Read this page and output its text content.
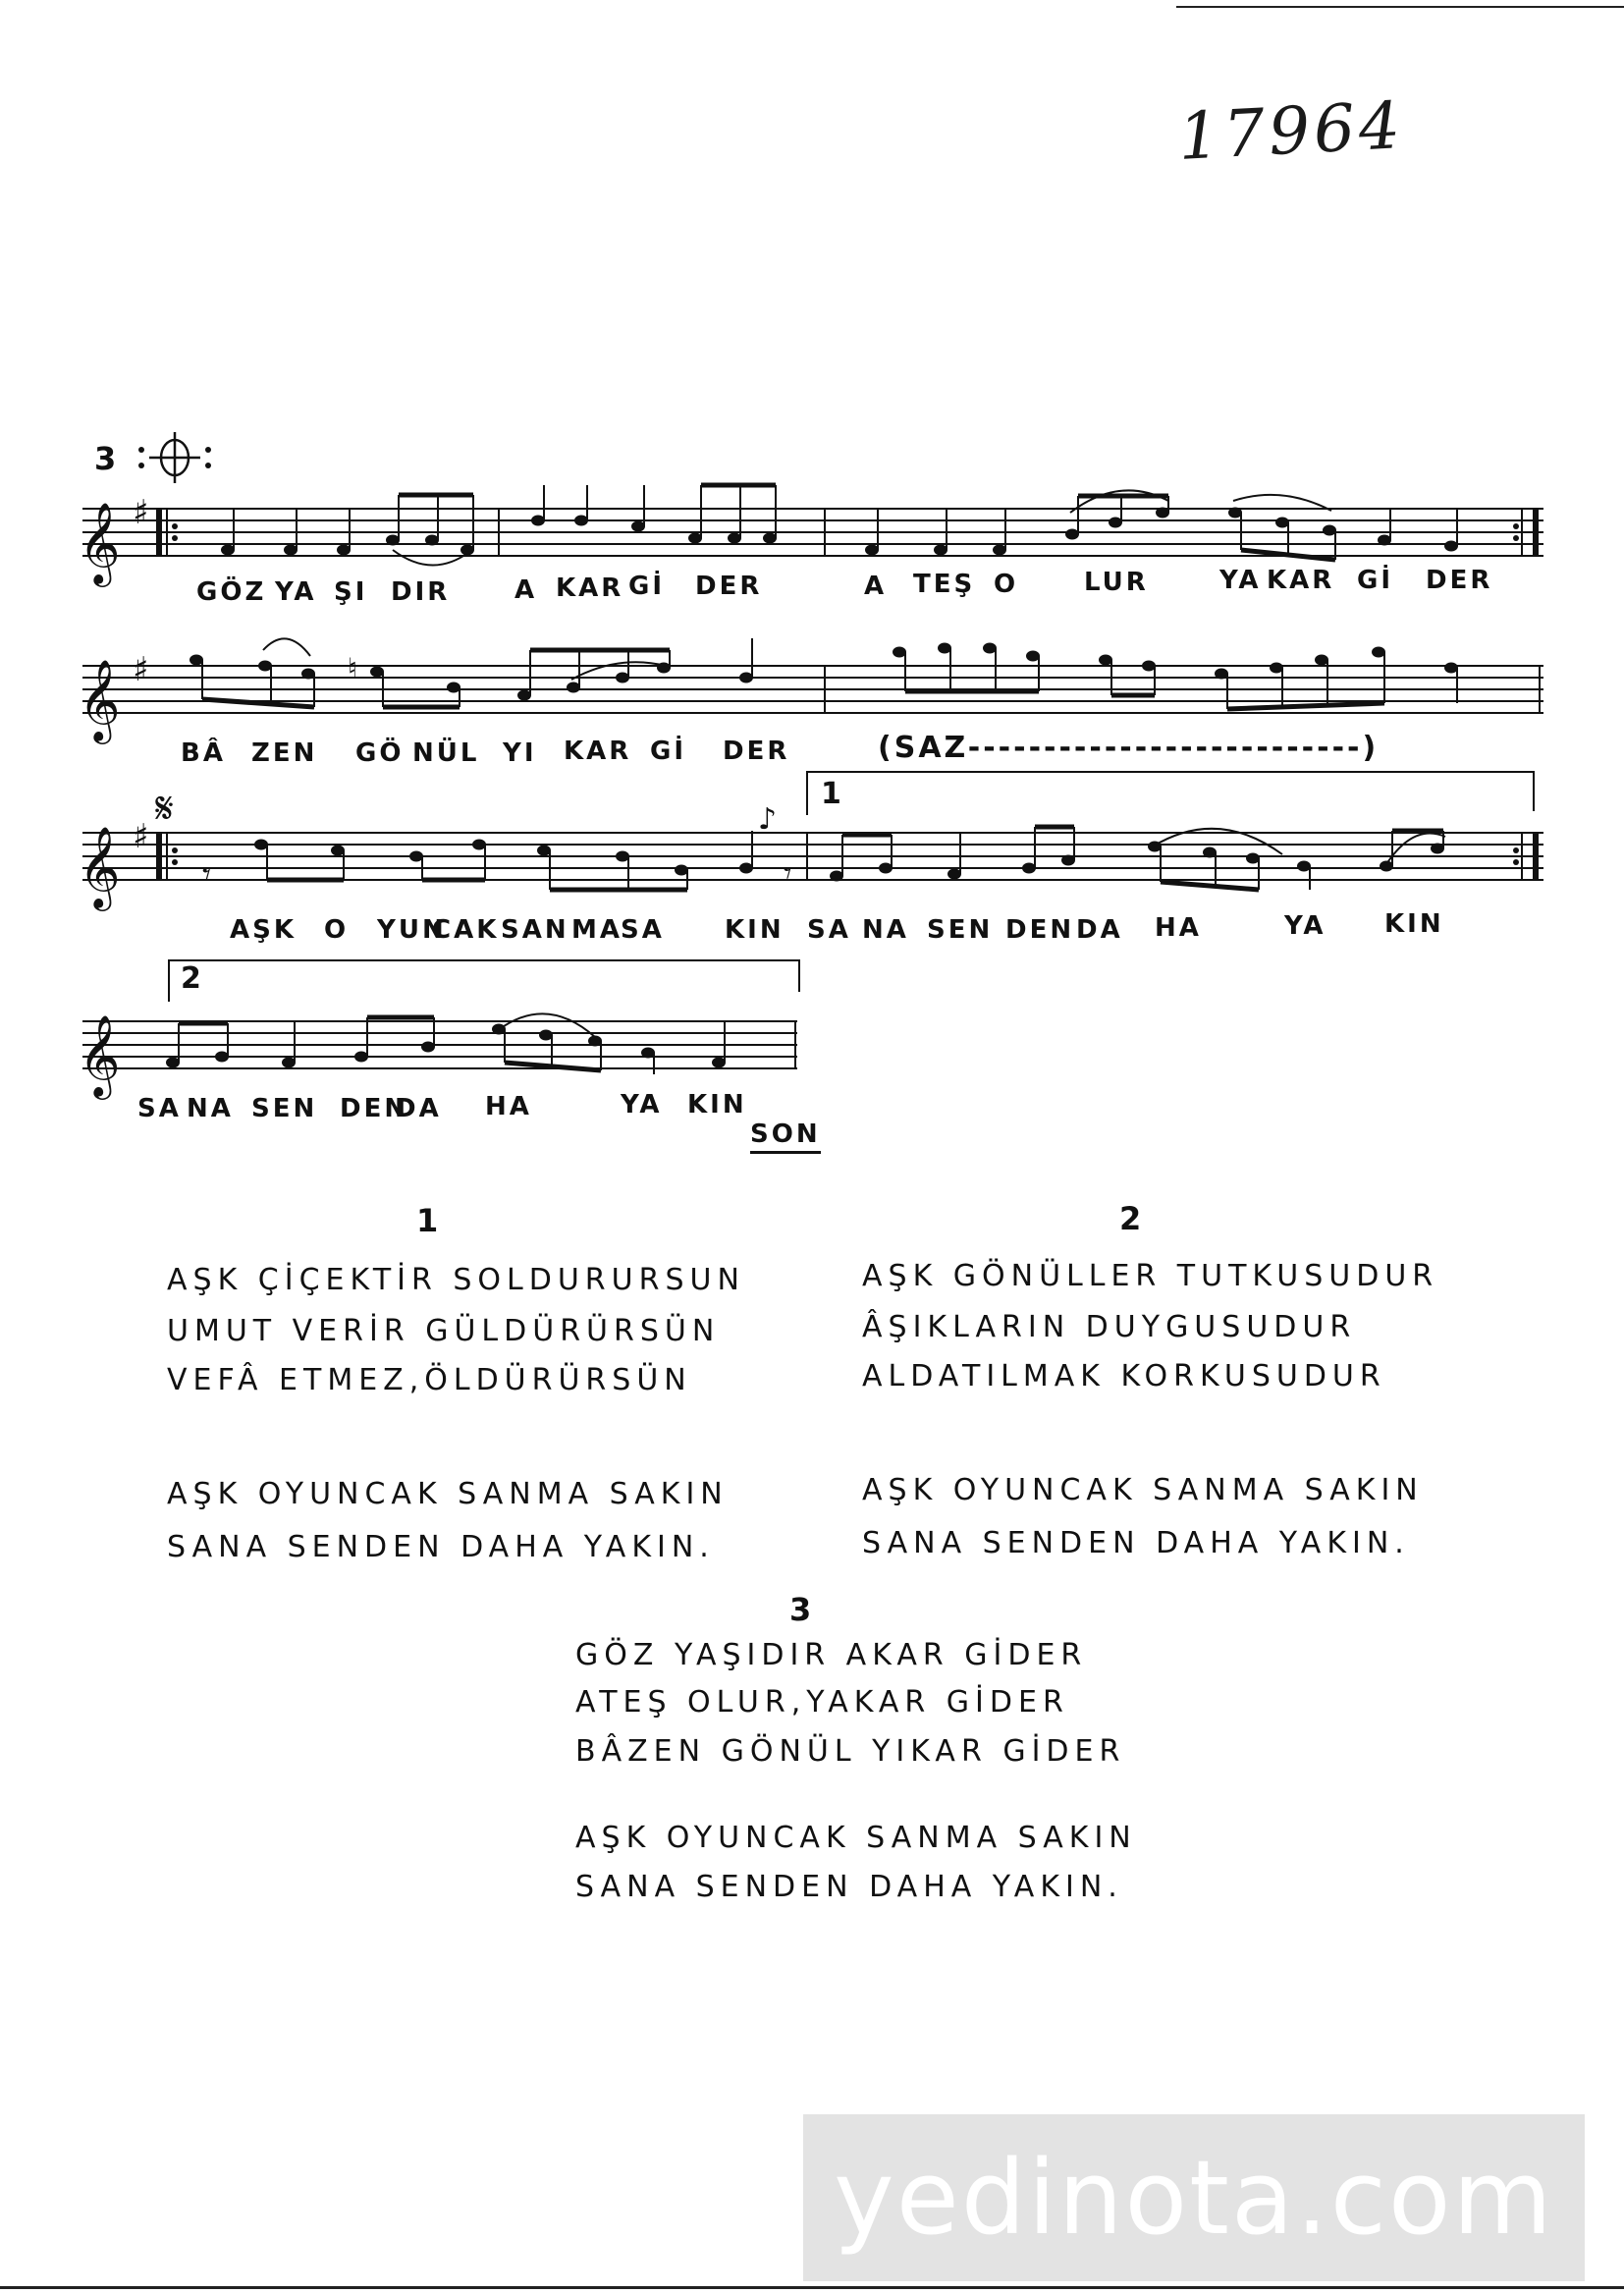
17964
𝄞 ♯
𝄞 ♯
𝄞 ♯
𝄞
1
2
♮
𝄾	𝄾
♪
3
𝄋
GÖZ YA ŞI DIR	A KAR Gİ DER	A TEŞ O	LUR	YA KAR Gİ DER
BÂ ZEN GÖ NÜL YI KAR Gİ DER	(SAZ--------------------------)
AŞK O YUN
CAK SAN MA
SA KIN SA NA SEN DEN DA HA	YA KIN
SA NA SEN DEN
DA HA	YA KIN
SON
1
AŞK ÇİÇEKTİR SOLDURURSUN
UMUT VERİR GÜLDÜRÜRSÜN
VEFÂ ETMEZ,ÖLDÜRÜRSÜN
AŞK OYUNCAK SANMA SAKIN
SANA SENDEN DAHA YAKIN.
2
AŞK GÖNÜLLER TUTKUSUDUR
ÂŞIKLARIN DUYGUSUDUR
ALDATILMAK KORKUSUDUR
AŞK OYUNCAK SANMA SAKIN
SANA SENDEN DAHA YAKIN.
3
GÖZ YAŞIDIR AKAR GİDER
ATEŞ OLUR,YAKAR GİDER
BÂZEN GÖNÜL YIKAR GİDER
AŞK OYUNCAK SANMA SAKIN
SANA SENDEN DAHA YAKIN.
yedinota.com
